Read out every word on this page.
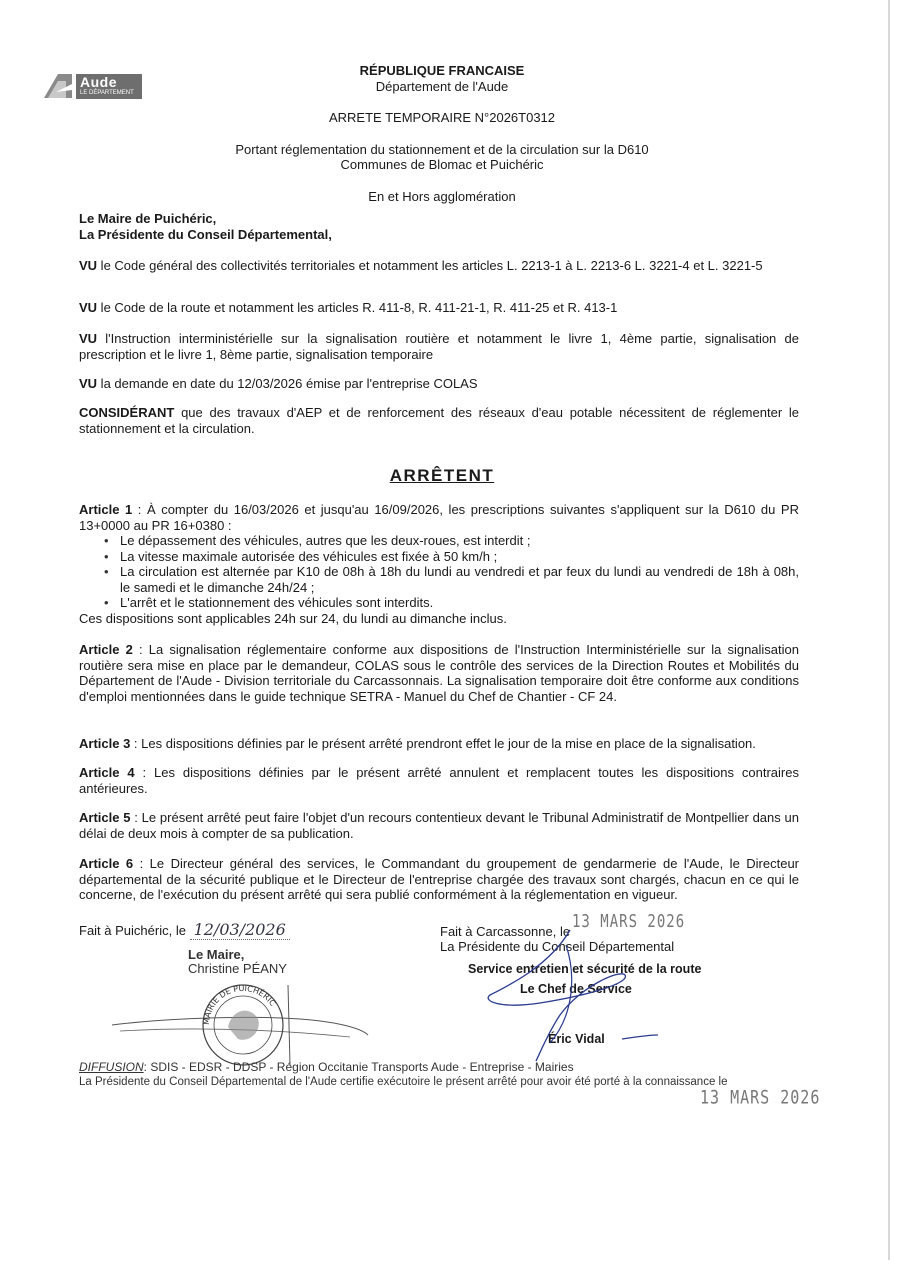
Aude
LE DÉPARTEMENT
RÉPUBLIQUE FRANCAISE
Département de l'Aude
ARRETE TEMPORAIRE N°2026T0312
Portant réglementation du stationnement et de la circulation sur la D610
Communes de Blomac et Puichéric
En et Hors agglomération
Le Maire de Puichéric,
La Présidente du Conseil Départemental,
VU le Code général des collectivités territoriales et notamment les articles L. 2213-1 à L. 2213-6 L. 3221-4 et L. 3221-5
VU le Code de la route et notamment les articles R. 411-8, R. 411-21-1, R. 411-25 et R. 413-1
VU l'Instruction interministérielle sur la signalisation routière et notamment le livre 1, 4ème partie, signalisation de prescription et le livre 1, 8ème partie, signalisation temporaire
VU la demande en date du 12/03/2026 émise par l'entreprise COLAS
CONSIDÉRANT que des travaux d'AEP et de renforcement des réseaux d'eau potable nécessitent de réglementer le stationnement et la circulation.
ARRÊTENT
Article 1 : À compter du 16/03/2026 et jusqu'au 16/09/2026, les prescriptions suivantes s'appliquent sur la D610 du PR 13+0000 au PR 16+0380 :
• Le dépassement des véhicules, autres que les deux-roues, est interdit ;
• La vitesse maximale autorisée des véhicules est fixée à 50 km/h ;
• La circulation est alternée par K10 de 08h à 18h du lundi au vendredi et par feux du lundi au vendredi de 18h à 08h, le samedi et le dimanche 24h/24 ;
• L'arrêt et le stationnement des véhicules sont interdits.
Ces dispositions sont applicables 24h sur 24, du lundi au dimanche inclus.
Article 2 : La signalisation réglementaire conforme aux dispositions de l'Instruction Interministérielle sur la signalisation routière sera mise en place par le demandeur, COLAS sous le contrôle des services de la Direction Routes et Mobilités du Département de l'Aude - Division territoriale du Carcassonnais. La signalisation temporaire doit être conforme aux conditions d'emploi mentionnées dans le guide technique SETRA - Manuel du Chef de Chantier - CF 24.
Article 3 : Les dispositions définies par le présent arrêté prendront effet le jour de la mise en place de la signalisation.
Article 4 : Les dispositions définies par le présent arrêté annulent et remplacent toutes les dispositions contraires antérieures.
Article 5 : Le présent arrêté peut faire l'objet d'un recours contentieux devant le Tribunal Administratif de Montpellier dans un délai de deux mois à compter de sa publication.
Article 6 : Le Directeur général des services, le Commandant du groupement de gendarmerie de l'Aude, le Directeur départemental de la sécurité publique et le Directeur de l'entreprise chargée des travaux sont chargés, chacun en ce qui le concerne, de l'exécution du présent arrêté qui sera publié conformément à la réglementation en vigueur.
Fait à Puichéric, le 12/03/2026
Le Maire,
Christine PÉANY
MAIRIE DE PUICHÉRIC
Fait à Carcassonne, le 13 MARS 2026
La Présidente du Conseil Départemental
Service entretien et sécurité de la route
Le Chef de Service
Éric Vidal
DIFFUSION: SDIS - EDSR - DDSP - Région Occitanie Transports Aude - Entreprise - Mairies
La Présidente du Conseil Départemental de l'Aude certifie exécutoire le présent arrêté pour avoir été porté à la connaissance le
13 MARS 2026
